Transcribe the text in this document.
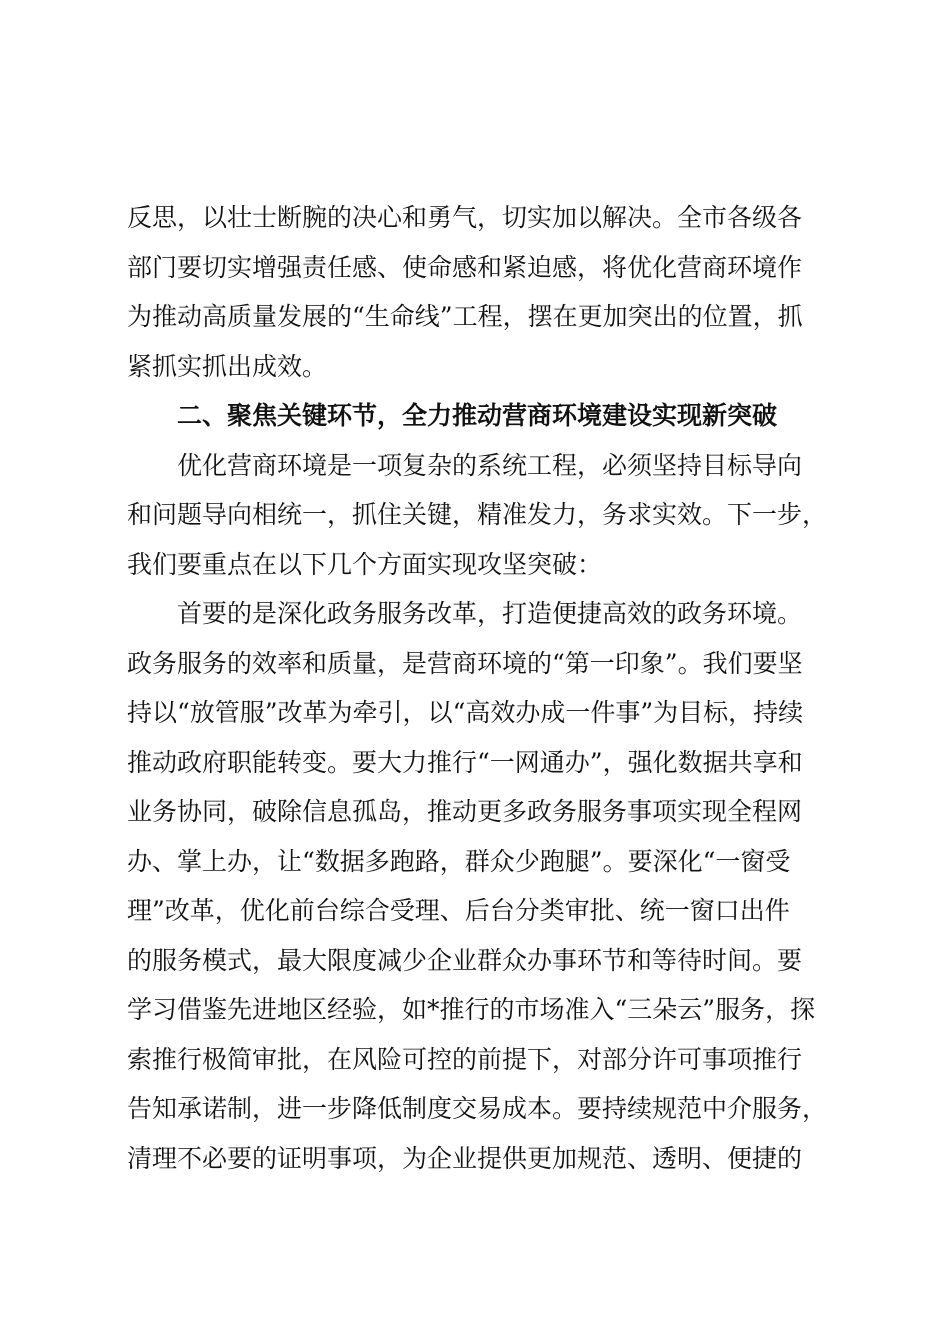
反思，以壮士断腕的决心和勇气，切实加以解决。全市各级各
部门要切实增强责任感、使命感和紧迫感，将优化营商环境作
为推动高质量发展的“生命线”工程，摆在更加突出的位置，抓
紧抓实抓出成效。
二、聚焦关键环节，全力推动营商环境建设实现新突破
优化营商环境是一项复杂的系统工程，必须坚持目标导向
和问题导向相统一，抓住关键，精准发力，务求实效。下一步，
我们要重点在以下几个方面实现攻坚突破：
首要的是深化政务服务改革，打造便捷高效的政务环境。
政务服务的效率和质量，是营商环境的“第一印象”。我们要坚
持以“放管服”改革为牵引，以“高效办成一件事”为目标，持续
推动政府职能转变。要大力推行“一网通办”，强化数据共享和
业务协同，破除信息孤岛，推动更多政务服务事项实现全程网
办、掌上办，让“数据多跑路，群众少跑腿”。要深化“一窗受
理”改革，优化前台综合受理、后台分类审批、统一窗口出件
的服务模式，最大限度减少企业群众办事环节和等待时间。要
学习借鉴先进地区经验，如*推行的市场准入“三朵云”服务，探
索推行极简审批，在风险可控的前提下，对部分许可事项推行
告知承诺制，进一步降低制度交易成本。要持续规范中介服务，
清理不必要的证明事项，为企业提供更加规范、透明、便捷的
